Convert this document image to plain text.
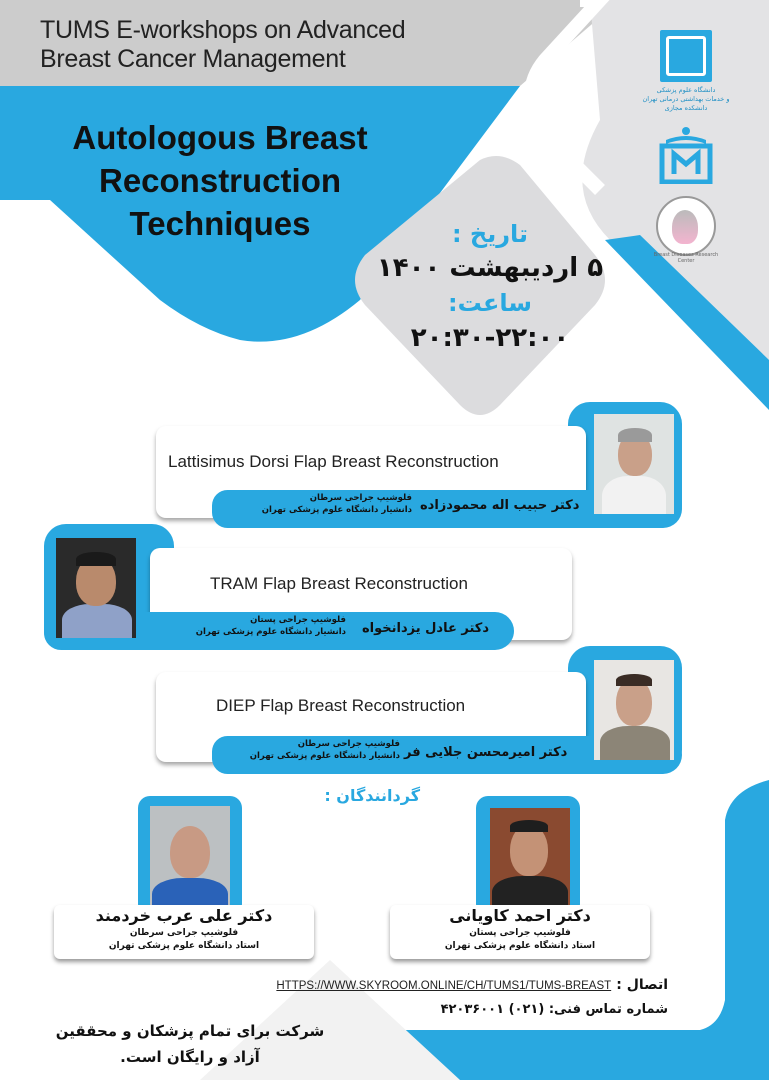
TUMS E-workshops on Advanced
Breast Cancer Management
Autologous Breast
Reconstruction
Techniques
دانشگاه علوم پزشکی
و خدمات بهداشتی درمانی تهران
دانشکده مجازی
Breast Diseases Research Center
تاریخ :
۵ اردیبهشت ۱۴۰۰
ساعت:
۲۰:۳۰-۲۲:۰۰
Lattisimus Dorsi Flap Breast Reconstruction
دکتر حبیب اله محمودزاده
فلوشیپ جراحی سرطان
دانشیار دانشگاه علوم پزشکی تهران
TRAM Flap Breast Reconstruction
دکتر عادل یزدانخواه
فلوشیپ جراحی پستان
دانشیار دانشگاه علوم پزشکی تهران
DIEP Flap Breast Reconstruction
دکتر امیرمحسن جلایی فر
فلوشیپ جراحی سرطان
دانشیار دانشگاه علوم پزشکی تهران
گردانندگان :
دکتر علی عرب خردمند
فلوشیپ جراحی سرطان
استاد دانشگاه علوم پزشکی تهران
دکتر احمد کاویانی
فلوشیپ جراحی پستان
استاد دانشگاه علوم پزشکی تهران
اتصال : HTTPS://WWW.SKYROOM.ONLINE/CH/TUMS1/TUMS-BREAST
شماره تماس فنی: (۰۲۱) ۴۲۰۳۶۰۰۱
شرکت برای تمام پزشکان و محققین
آزاد و رایگان است.
